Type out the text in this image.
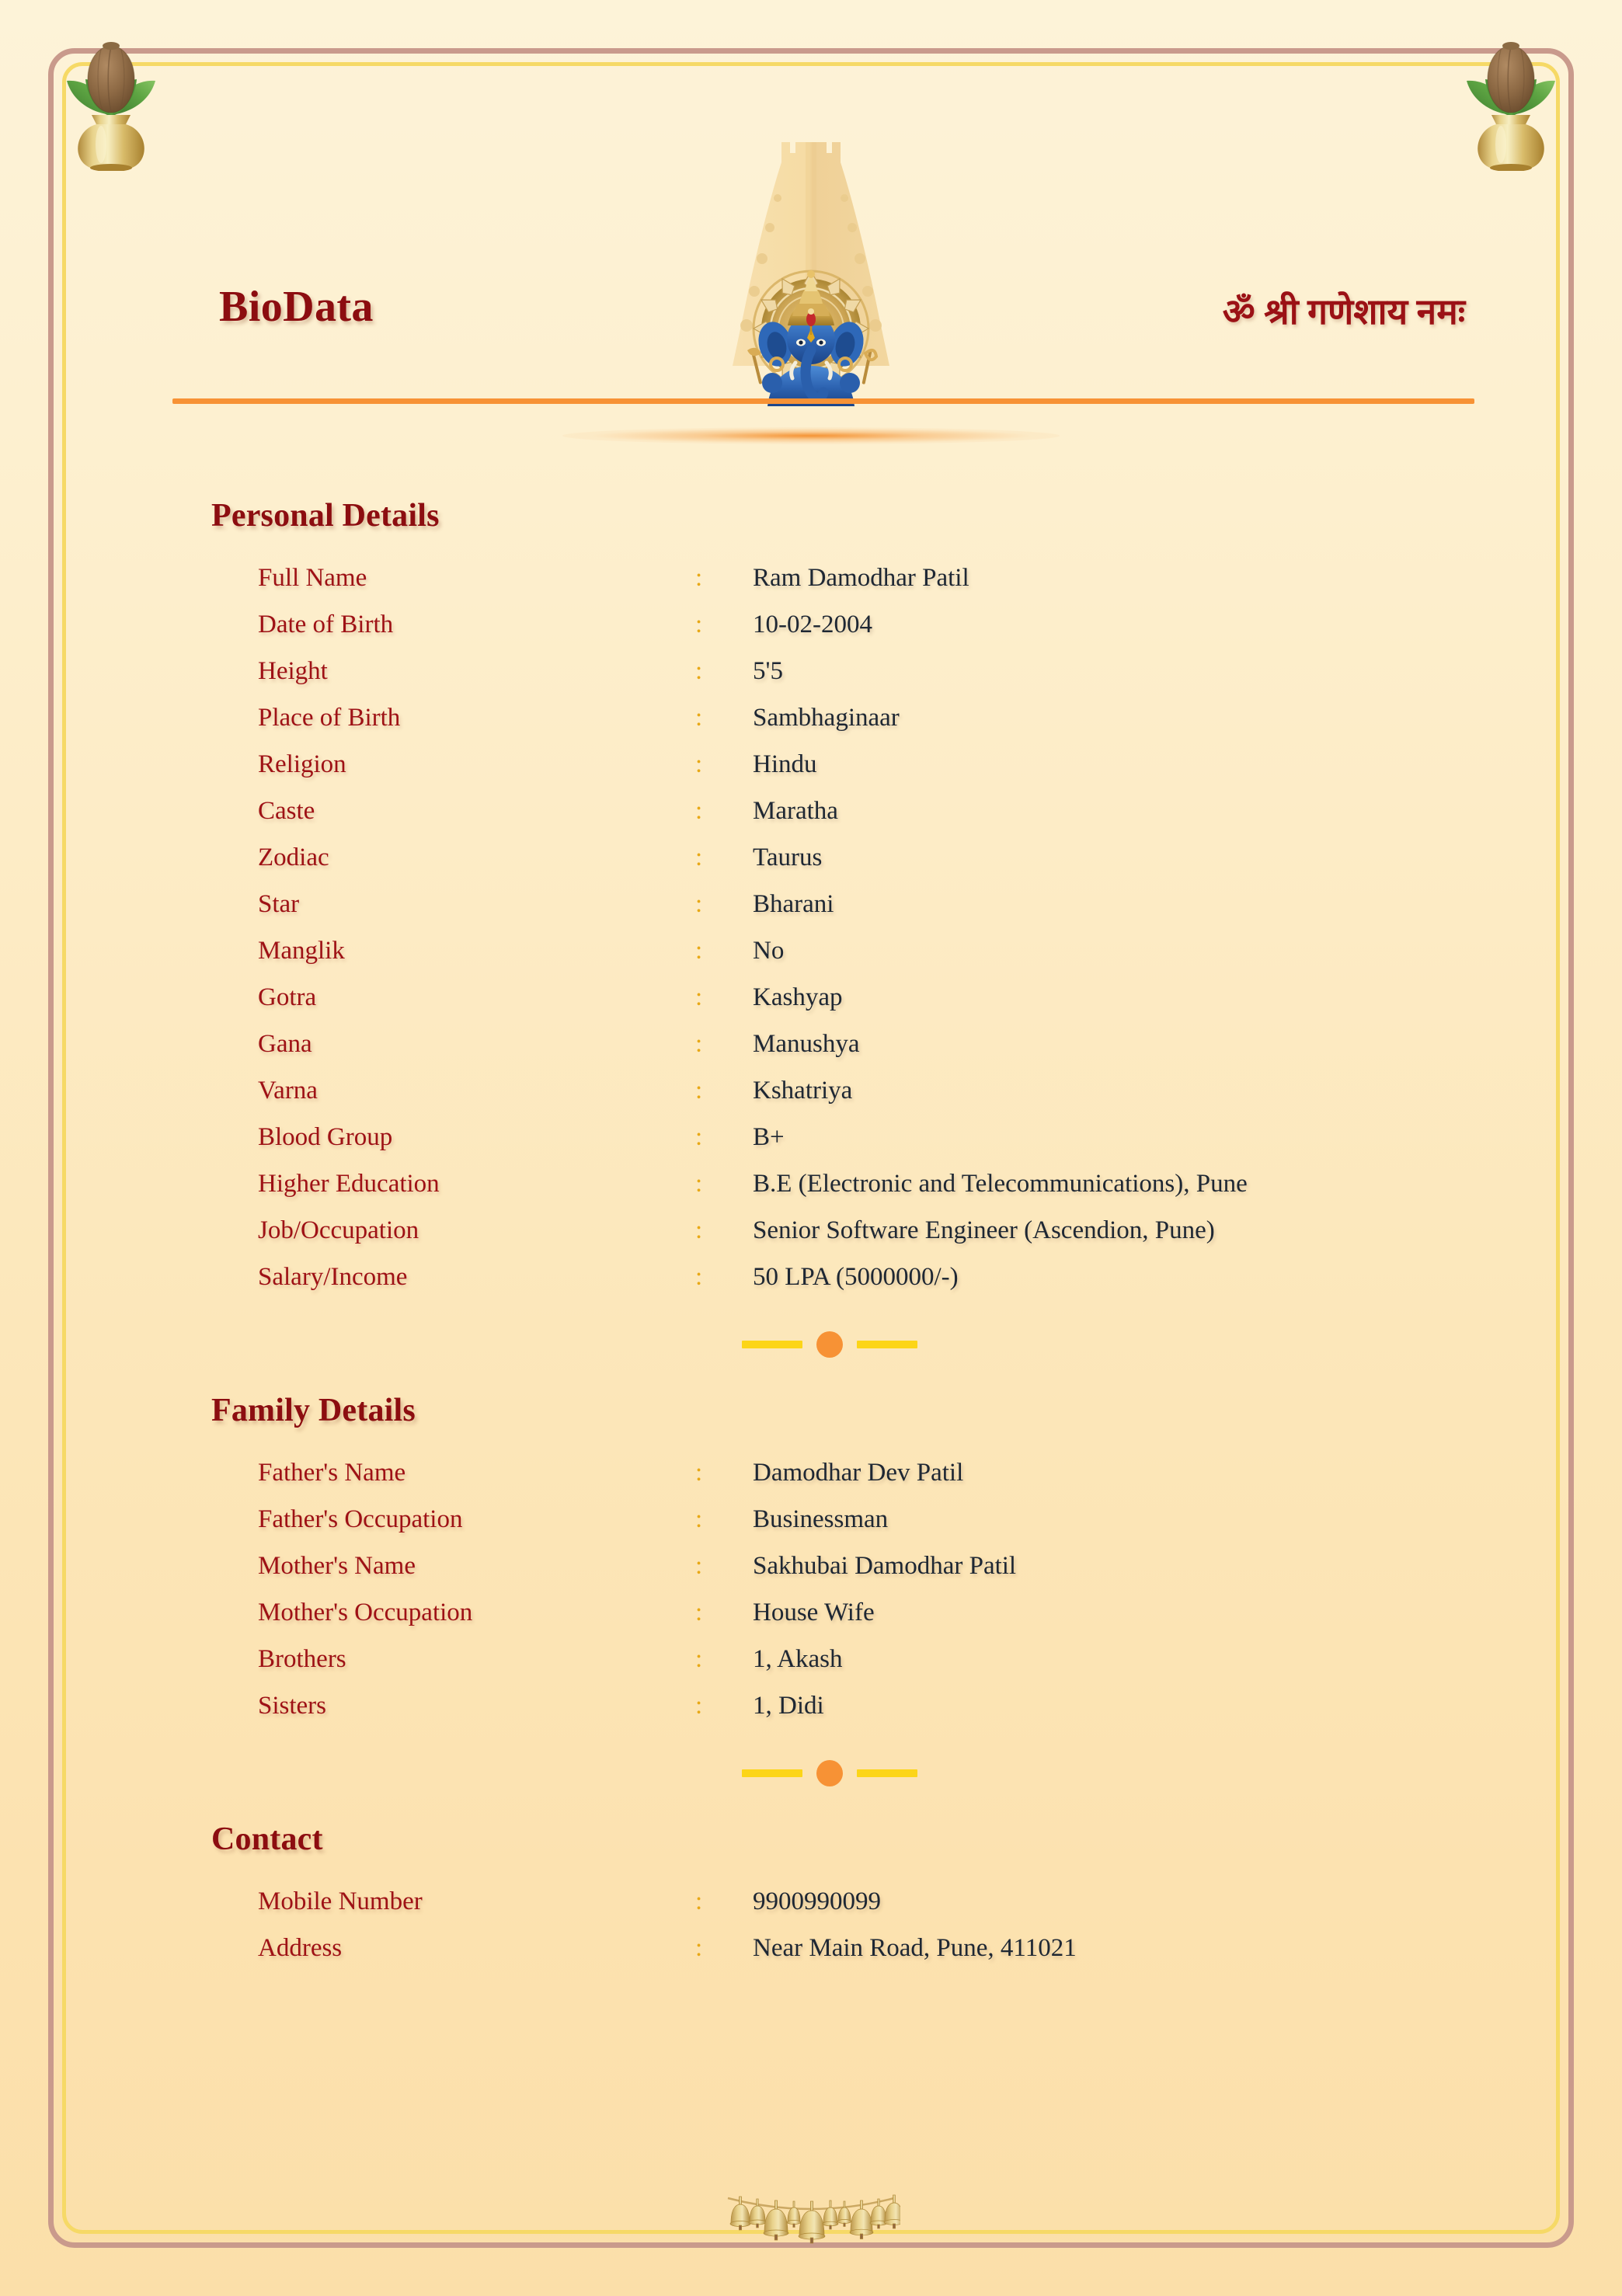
BioData	ॐ श्री गणेशाय नमः
Personal Details
Full Name	:	Ram Damodhar Patil
Date of Birth	:	10-02-2004
Height	:	5'5
Place of Birth	:	Sambhaginaar
Religion	:	Hindu
Caste	:	Maratha
Zodiac	:	Taurus
Star	:	Bharani
Manglik	:	No
Gotra	:	Kashyap
Gana	:	Manushya
Varna	:	Kshatriya
Blood Group	:	B+
Higher Education	:	B.E (Electronic and Telecommunications), Pune
Job/Occupation	:	Senior Software Engineer (Ascendion, Pune)
Salary/Income	:	50 LPA (5000000/-)
Family Details
Father's Name	:	Damodhar Dev Patil
Father's Occupation	:	Businessman
Mother's Name	:	Sakhubai Damodhar Patil
Mother's Occupation	:	House Wife
Brothers	:	1, Akash
Sisters	:	1, Didi
Contact
Mobile Number	:	9900990099
Address	:	Near Main Road, Pune, 411021
